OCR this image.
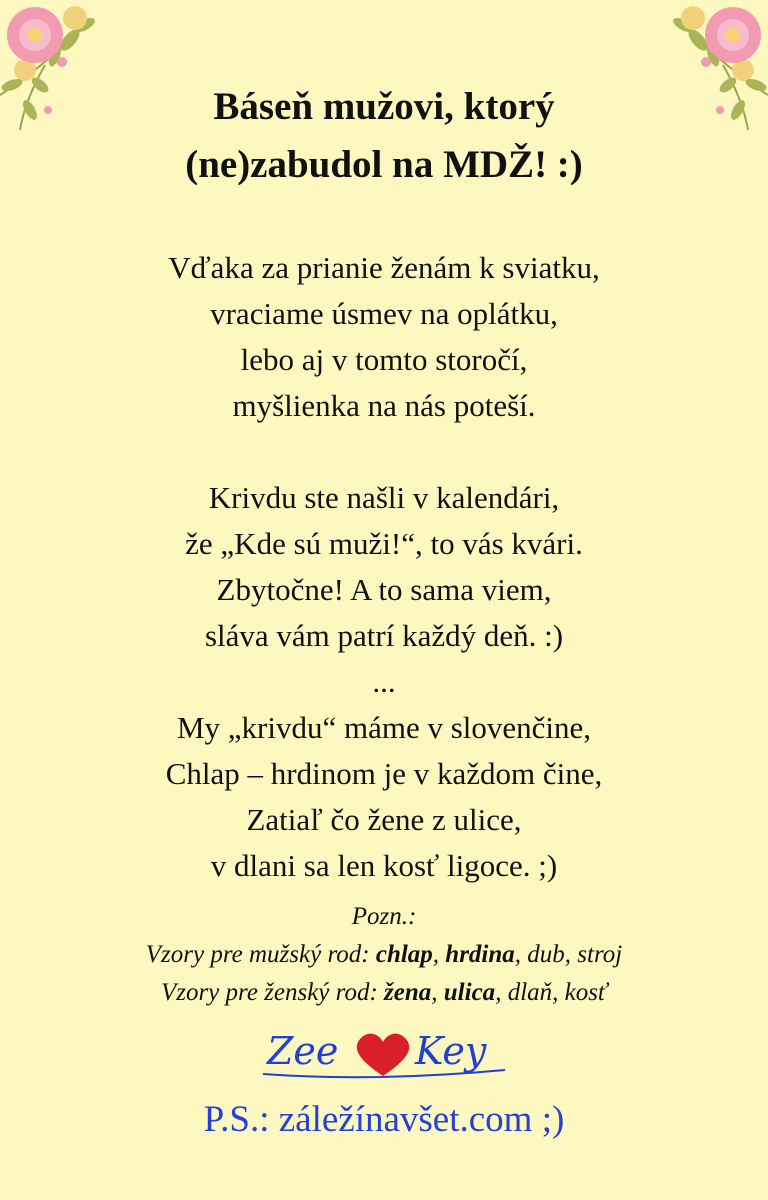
Báseň mužovi, ktorý
(ne)zabudol na MDŽ! :)
Vďaka za prianie ženám k sviatku,
vraciame úsmev na oplátku,
lebo aj v tomto storočí,
myšlienka na nás poteší.
Krivdu ste našli v kalendári,
že „Kde sú muži!“, to vás kvári.
Zbytočne! A to sama viem,
sláva vám patrí každý deň. :)
...
My „krivdu“ máme v slovenčine,
Chlap – hrdinom je v každom čine,
Zatiaľ čo žene z ulice,
v dlani sa len kosť ligoce. ;)
Pozn.:
Vzory pre mužský rod: chlap, hrdina, dub, stroj
Vzory pre ženský rod: žena, ulica, dlaň, kosť
Zee Key
P.S.: záležínavšet.com ;)
